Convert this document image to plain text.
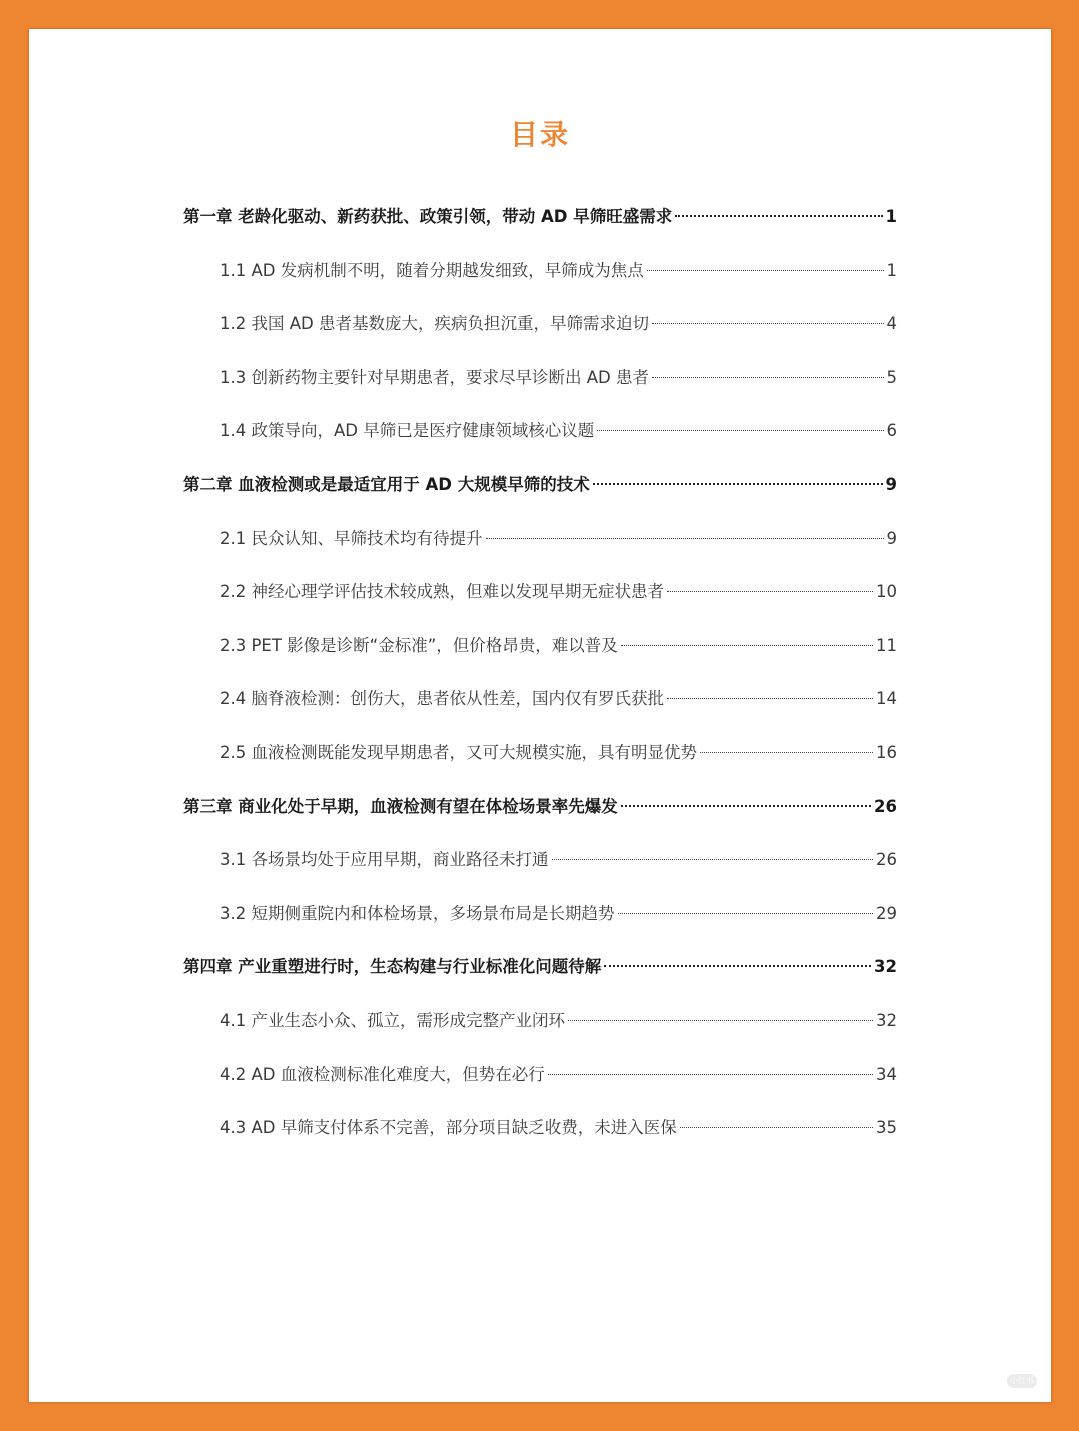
目录
第一章 老龄化驱动、新药获批、政策引领，带动 AD 早筛旺盛需求	1
1.1 AD 发病机制不明，随着分期越发细致，早筛成为焦点	1
1.2 我国 AD 患者基数庞大，疾病负担沉重，早筛需求迫切	4
1.3 创新药物主要针对早期患者，要求尽早诊断出 AD 患者	5
1.4 政策导向，AD 早筛已是医疗健康领域核心议题	6
第二章 血液检测或是最适宜用于 AD 大规模早筛的技术	9
2.1 民众认知、早筛技术均有待提升	9
2.2 神经心理学评估技术较成熟，但难以发现早期无症状患者	10
2.3 PET 影像是诊断“金标准”，但价格昂贵，难以普及	11
2.4 脑脊液检测：创伤大，患者依从性差，国内仅有罗氏获批	14
2.5 血液检测既能发现早期患者，又可大规模实施，具有明显优势	16
第三章 商业化处于早期，血液检测有望在体检场景率先爆发	26
3.1 各场景均处于应用早期，商业路径未打通	26
3.2 短期侧重院内和体检场景，多场景布局是长期趋势	29
第四章 产业重塑进行时，生态构建与行业标准化问题待解	32
4.1 产业生态小众、孤立，需形成完整产业闭环	32
4.2 AD 血液检测标准化难度大，但势在必行	34
4.3 AD 早筛支付体系不完善，部分项目缺乏收费，未进入医保	35
小红书
